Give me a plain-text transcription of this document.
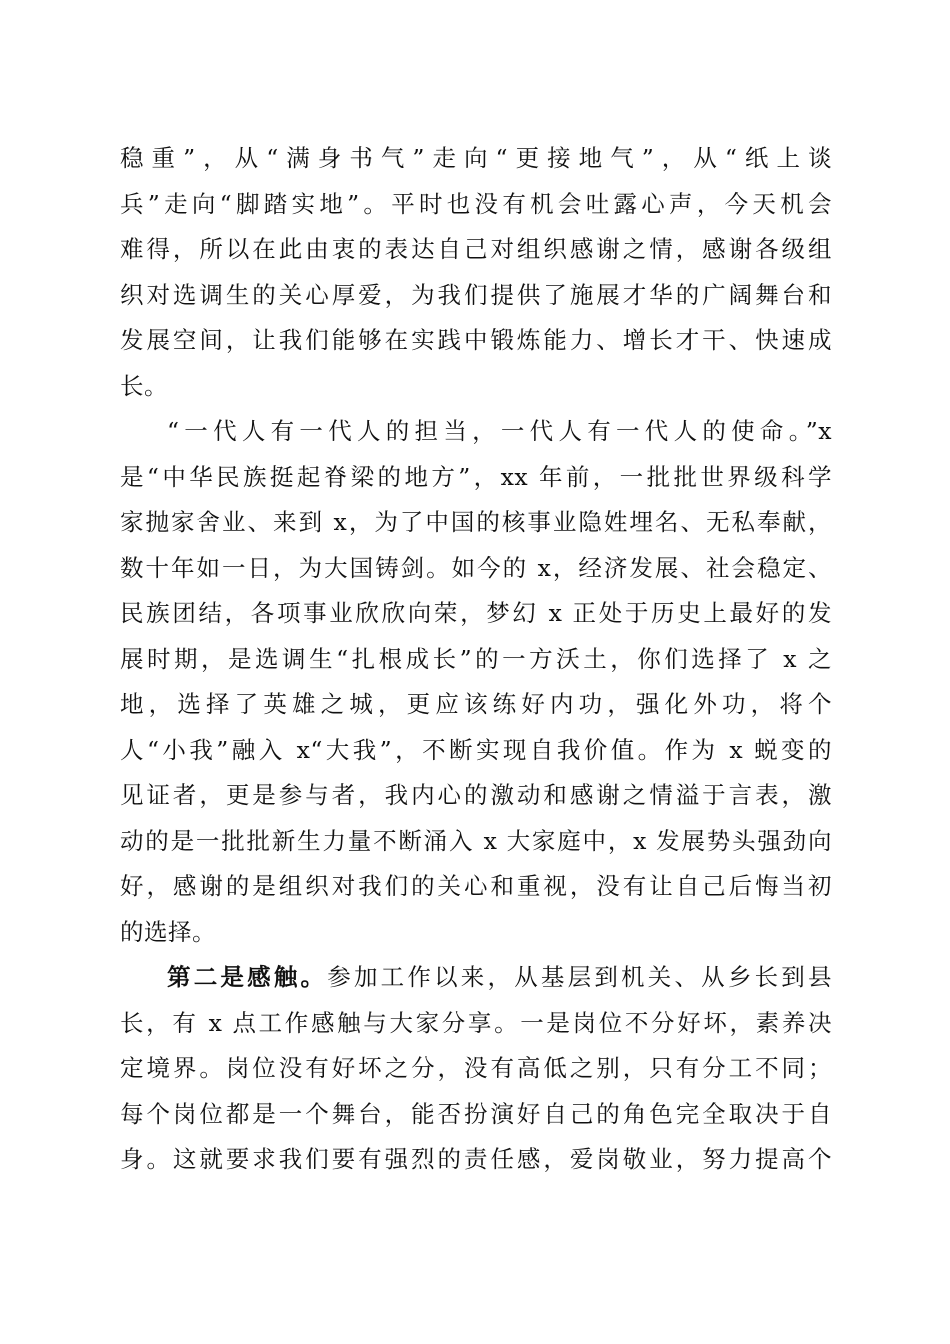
稳重”，从“满身书气”走向“更接地气”，从“纸上谈
兵”走向“脚踏实地”。平时也没有机会吐露心声，今天机会
难得，所以在此由衷的表达自己对组织感谢之情，感谢各级组
织对选调生的关心厚爱，为我们提供了施展才华的广阔舞台和
发展空间，让我们能够在实践中锻炼能力、增长才干、快速成
长。
“一代人有一代人的担当，一代人有一代人的使命。”x
是“中华民族挺起脊梁的地方”，xx 年前，一批批世界级科学
家抛家舍业、来到 x，为了中国的核事业隐姓埋名、无私奉献，
数十年如一日，为大国铸剑。如今的 x，经济发展、社会稳定、
民族团结，各项事业欣欣向荣，梦幻 x 正处于历史上最好的发
展时期，是选调生“扎根成长”的一方沃土，你们选择了 x 之
地，选择了英雄之城，更应该练好内功，强化外功，将个
人“小我”融入 x“大我”，不断实现自我价值。作为 x 蜕变的
见证者，更是参与者，我内心的激动和感谢之情溢于言表，激
动的是一批批新生力量不断涌入 x 大家庭中，x 发展势头强劲向
好，感谢的是组织对我们的关心和重视，没有让自己后悔当初
的选择。
第二是感触。参加工作以来，从基层到机关、从乡长到县
长，有 x 点工作感触与大家分享。一是岗位不分好坏，素养决
定境界。岗位没有好坏之分，没有高低之别，只有分工不同；
每个岗位都是一个舞台，能否扮演好自己的角色完全取决于自
身。这就要求我们要有强烈的责任感，爱岗敬业，努力提高个
